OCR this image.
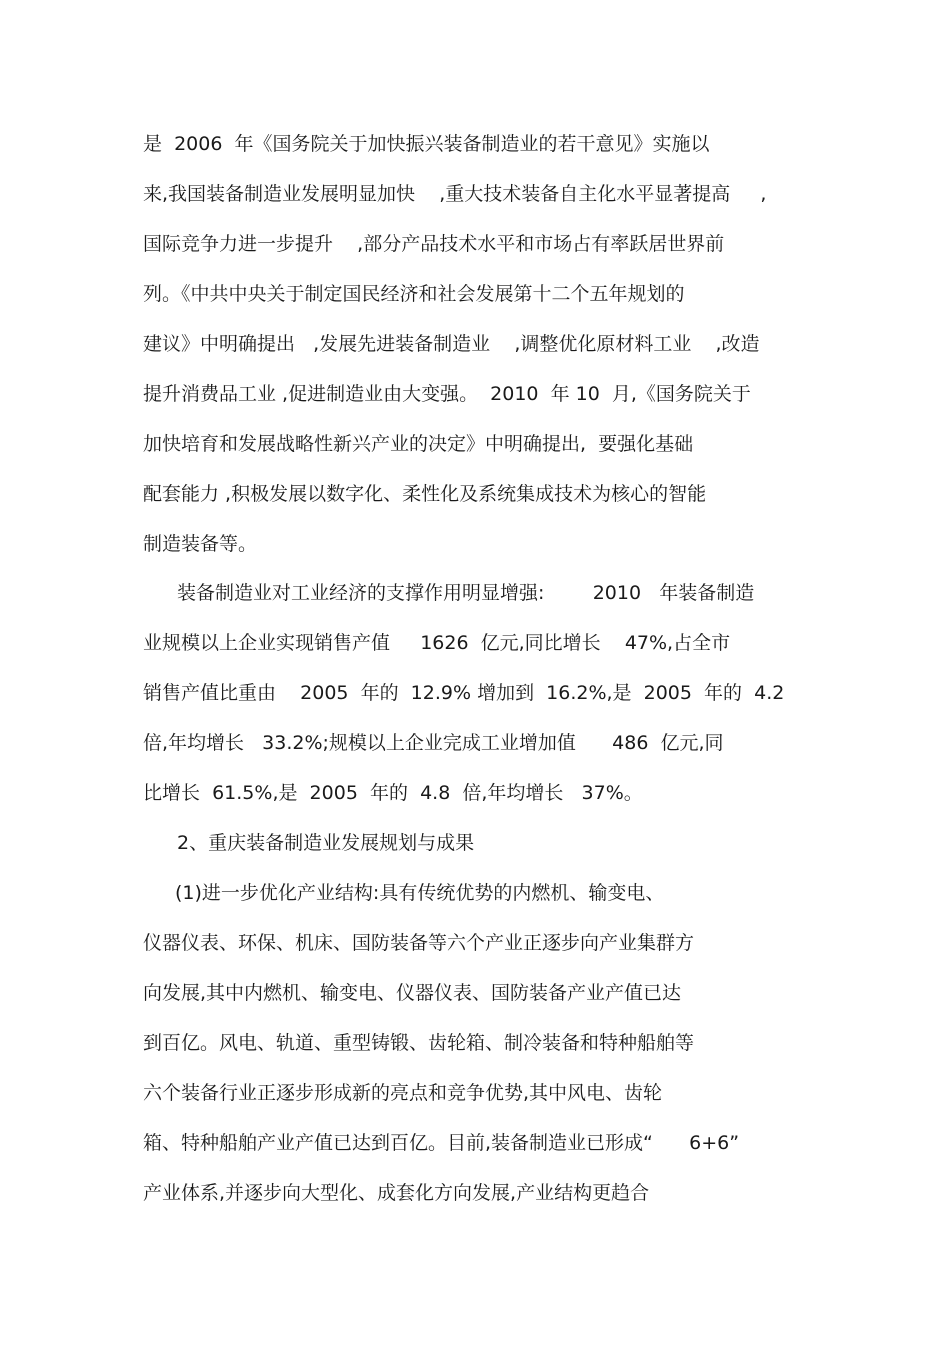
是  2006  年《国务院关于加快振兴装备制造业的若干意见》实施以
来,我国装备制造业发展明显加快    ,重大技术装备自主化水平显著提高     ,
国际竞争力进一步提升    ,部分产品技术水平和市场占有率跃居世界前
列。《中共中央关于制定国民经济和社会发展第十二个五年规划的
建议》中明确提出   ,发展先进装备制造业    ,调整优化原材料工业    ,改造
提升消费品工业 ,促进制造业由大变强。  2010  年 10  月,《国务院关于
加快培育和发展战略性新兴产业的决定》中明确提出,  要强化基础
配套能力 ,积极发展以数字化、柔性化及系统集成技术为核心的智能
制造装备等。
装备制造业对工业经济的支撑作用明显增强:        2010   年装备制造
业规模以上企业实现销售产值     1626  亿元,同比增长    47%,占全市
销售产值比重由    2005  年的  12.9% 增加到  16.2%,是  2005  年的  4.2
倍,年均增长   33.2%;规模以上企业完成工业增加值      486  亿元,同
比增长  61.5%,是  2005  年的  4.8  倍,年均增长   37%。
2、重庆装备制造业发展规划与成果
(1)进一步优化产业结构:具有传统优势的内燃机、输变电、
仪器仪表、环保、机床、国防装备等六个产业正逐步向产业集群方
向发展,其中内燃机、输变电、仪器仪表、国防装备产业产值已达
到百亿。风电、轨道、重型铸锻、齿轮箱、制冷装备和特种船舶等
六个装备行业正逐步形成新的亮点和竞争优势,其中风电、齿轮
箱、特种船舶产业产值已达到百亿。目前,装备制造业已形成“      6+6”
产业体系,并逐步向大型化、成套化方向发展,产业结构更趋合
